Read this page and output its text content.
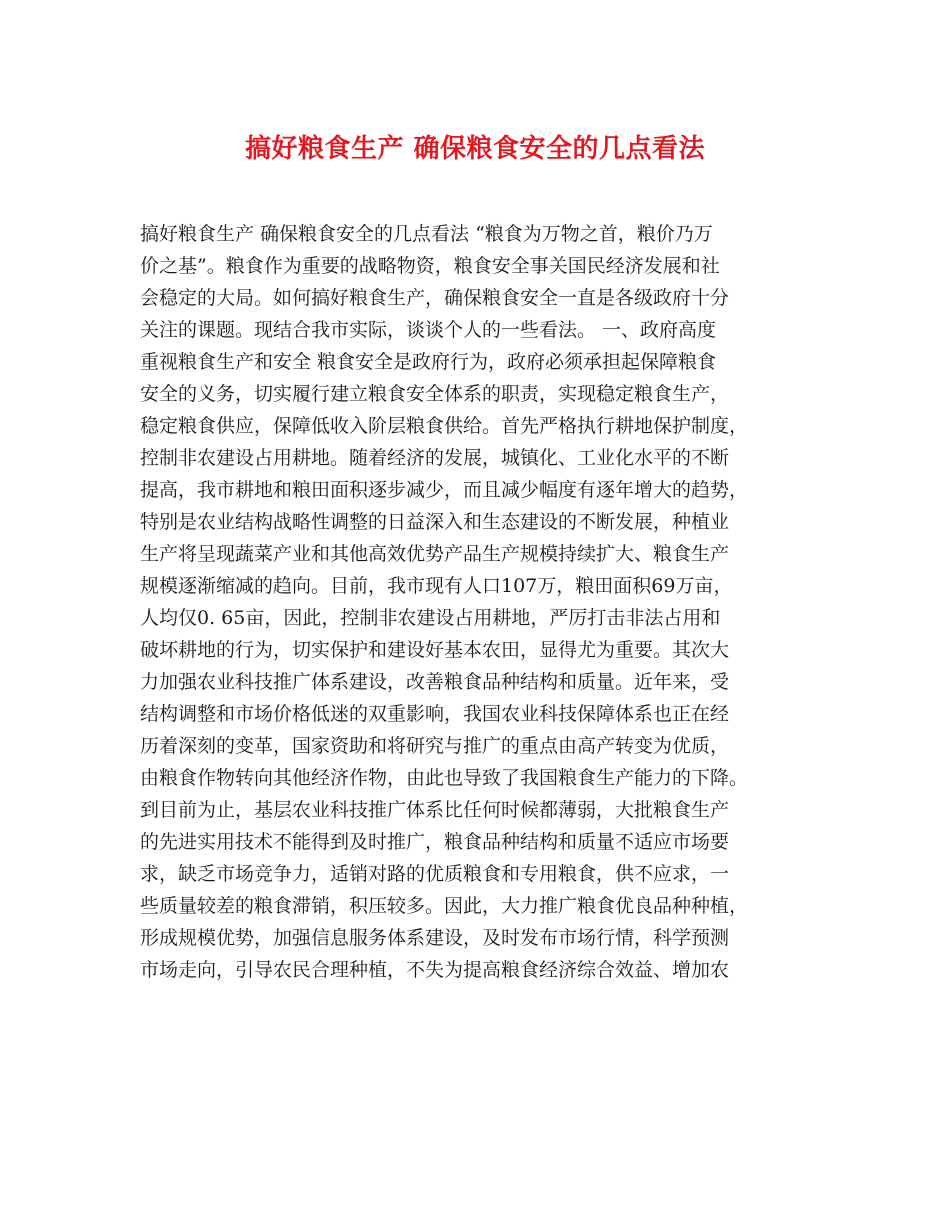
搞好粮食生产 确保粮食安全的几点看法
搞好粮食生产 确保粮食安全的几点看法 “粮食为万物之首，粮价乃万
价之基”。粮食作为重要的战略物资，粮食安全事关国民经济发展和社
会稳定的大局。如何搞好粮食生产，确保粮食安全一直是各级政府十分
关注的课题。现结合我市实际，谈谈个人的一些看法。 一、政府高度
重视粮食生产和安全 粮食安全是政府行为，政府必须承担起保障粮食
安全的义务，切实履行建立粮食安全体系的职责，实现稳定粮食生产，
稳定粮食供应，保障低收入阶层粮食供给。首先严格执行耕地保护制度，
控制非农建设占用耕地。随着经济的发展，城镇化、工业化水平的不断
提高，我市耕地和粮田面积逐步减少，而且减少幅度有逐年增大的趋势，
特别是农业结构战略性调整的日益深入和生态建设的不断发展，种植业
生产将呈现蔬菜产业和其他高效优势产品生产规模持续扩大、粮食生产
规模逐渐缩减的趋向。目前，我市现有人口107万，粮田面积69万亩，
人均仅0. 65亩，因此，控制非农建设占用耕地，严厉打击非法占用和
破坏耕地的行为，切实保护和建设好基本农田，显得尤为重要。其次大
力加强农业科技推广体系建设，改善粮食品种结构和质量。近年来，受
结构调整和市场价格低迷的双重影响，我国农业科技保障体系也正在经
历着深刻的变革，国家资助和将研究与推广的重点由高产转变为优质，
由粮食作物转向其他经济作物，由此也导致了我国粮食生产能力的下降。
到目前为止，基层农业科技推广体系比任何时候都薄弱，大批粮食生产
的先进实用技术不能得到及时推广，粮食品种结构和质量不适应市场要
求，缺乏市场竞争力，适销对路的优质粮食和专用粮食，供不应求，一
些质量较差的粮食滞销，积压较多。因此，大力推广粮食优良品种种植，
形成规模优势，加强信息服务体系建设，及时发布市场行情，科学预测
市场走向，引导农民合理种植，不失为提高粮食经济综合效益、增加农
